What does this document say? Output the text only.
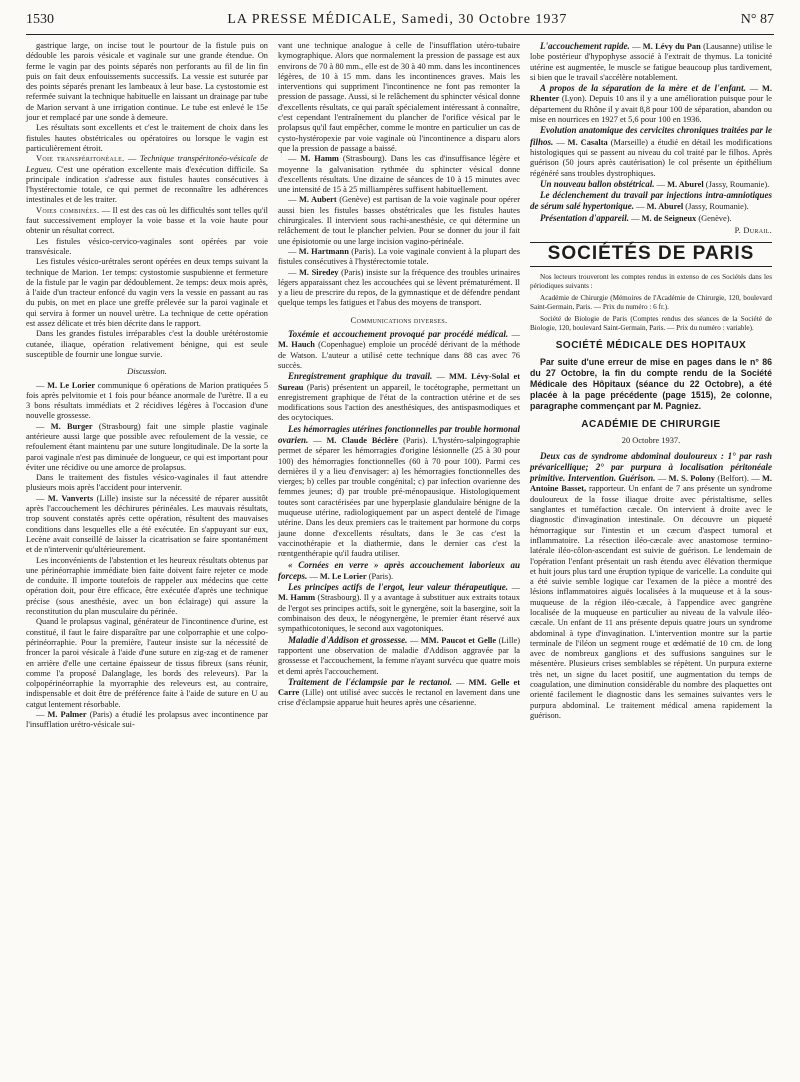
1530	LA PRESSE MÉDICALE, Samedi, 30 Octobre 1937	N° 87

gastrique large, on incise tout le pourtour de la fistule puis on dédouble les parois vésicale et vaginale sur une grande étendue. On ferme le vagin par des points séparés non perforants au fil de lin fin puis on fait deux enfouissements successifs. La vessie est suturée par des points séparés prenant les lambeaux à leur base. La cystostomie est refermée suivant la technique habituelle en laissant un drainage par tube de Marion servant à une irrigation continue. Le tube est enlevé le 15e jour et remplacé par une sonde à demeure.

Les résultats sont excellents et c'est le traitement de choix dans les fistules hautes obstétricales ou opératoires ou lorsque le vagin est particulièrement étroit.

Voie transpéritonéale. — Technique transpéritonéo-vésicale de Legueu. C'est une opération excellente mais d'exécution difficile. Sa principale indication s'adresse aux fistules hautes consécutives à l'hystérectomie totale, ce qui permet de reconnaître les adhérences intestinales et de les traiter.

Voies combinées. — Il est des cas où les difficultés sont telles qu'il faut successivement employer la voie basse et la voie haute pour obtenir un résultat correct.

Les fistules vésico-cervico-vaginales sont opérées par voie transvésicale.

Les fistules vésico-urétrales seront opérées en deux temps suivant la technique de Marion. 1er temps: cystostomie suspubienne et fermeture de la fistule par le vagin par dédoublement. 2e temps: deux mois après, à l'aide d'un tracteur enfoncé du vagin vers la vessie en passant au ras du pubis, on met en place une greffe prélevée sur la paroi vaginale et qui servira à former un nouvel urètre. La technique de cette opération est assez délicate et très bien décrite dans le rapport.

Dans les grandes fistules irréparables c'est la double urétérostomie cutanée, iliaque, opération relativement bénigne, qui est seule susceptible de fournir une longue survie.

Discussion.

— M. Le Lorier communique 6 opérations de Marion pratiquées 5 fois après pelvitomie et 1 fois pour béance anormale de l'urètre. Il a eu 3 bons résultats immédiats et 2 récidives légères à l'occasion d'une nouvelle grossesse.

— M. Burger (Strasbourg) fait une simple plastie vaginale antérieure aussi large que possible avec refoulement de la vessie, ce refoulement étant maintenu par une suture longitudinale. De la sorte la paroi vaginale n'est pas diminuée de longueur, ce qui est important pour éviter une récidive ou une amorce de prolapsus.

Dans le traitement des fistules vésico-vaginales il faut attendre plusieurs mois après l'accident pour intervenir.

— M. Vanverts (Lille) insiste sur la nécessité de réparer aussitôt après l'accouchement les déchirures périnéales. Les mauvais résultats, trop souvent constatés après cette opération, résultent des mauvaises conditions dans lesquelles elle a été exécutée. En s'appuyant sur eux, Lecène avait conseillé de laisser la cicatrisation se faire spontanément et de n'intervenir qu'ultérieurement.

Les inconvénients de l'abstention et les heureux résultats obtenus par une périnéorraphie immédiate bien faite doivent faire rejeter ce mode de conduite. Il importe toutefois de rappeler aux médecins que cette opération doit, pour être efficace, être exécutée d'après une technique précise (sous anesthésie, avec un bon éclairage) qui assure la reconstitution du plan musculaire du périnée.

Quand le prolapsus vaginal, générateur de l'incontinence d'urine, est constitué, il faut le faire disparaître par une colporraphie et une colpo-périnéorraphie. Pour la première, l'auteur insiste sur la nécessité de froncer la paroi vésicale à l'aide d'une suture en zig-zag et de ramener en arrière d'elle une certaine épaisseur de tissus fibreux (sans réunir, comme l'a proposé Dalanglage, les bords des releveurs). Par la colpopérinéorraphie la myorraphie des releveurs est, au contraire, indispensable et doit être de préférence faite à l'aide de suture en U au catgut lentement résorbable.

— M. Palmer (Paris) a étudié les prolapsus avec incontinence par l'insufflation urétro-vésicale sui-

vant une technique analogue à celle de l'insufflation utéro-tubaire kymographique. Alors que normalement la pression de passage est aux environs de 70 à 80 mm., elle est de 30 à 40 mm. dans les incontinences légères, de 10 à 15 mm. dans les incontinences graves. Mais les interventions qui suppriment l'incontinence ne font pas remonter la pression de passage. Aussi, si le relâchement du sphincter vésical donne d'excellents résultats, ce qui paraît spécialement intéressant à connaître, c'est cependant l'entraînement du plancher de l'orifice vésical par le prolapsus qu'il faut empêcher, comme le montre en particulier un cas de cysto-hystéropexie par voie vaginale où l'incontinence a disparu alors que la pression de passage a baissé.

— M. Hamm (Strasbourg). Dans les cas d'insuffisance légère et moyenne la galvanisation rythmée du sphincter vésical donne d'excellents résultats. Une dizaine de séances de 10 à 15 minutes avec une intensité de 15 à 25 milliampères suffisent habituellement.

— M. Aubert (Genève) est partisan de la voie vaginale pour opérer aussi bien les fistules basses obstétricales que les fistules hautes chirurgicales. Il intervient sous rachi-anesthésie, ce qui détermine un relâchement de tout le plancher pelvien. Pour se donner du jour il fait une épisiotomie ou une large incision vagino-périnéale.

— M. Hartmann (Paris). La voie vaginale convient à la plupart des fistules consécutives à l'hystérectomie totale.

— M. Siredey (Paris) insiste sur la fréquence des troubles urinaires légers apparaissant chez les accouchées qui se lèvent prématurément. Il y a lieu de prescrire du repos, de la gymnastique et de défendre pendant quelque temps les fatigues et l'abus des moyens de transport.

Communications diverses.

Toxémie et accouchement provoqué par procédé médical. — M. Hauch (Copenhague) emploie un procédé dérivant de la méthode de Watson. L'auteur a utilisé cette technique dans 88 cas avec 76 succès.

Enregistrement graphique du travail. — MM. Lévy-Solal et Sureau (Paris) présentent un appareil, le tocétographe, permettant un enregistrement graphique de l'état de la contraction utérine et de ses modifications sous l'action des anesthésiques, des antispasmodiques et des ocytociques.

Les hémorragies utérines fonctionnelles par trouble hormonal ovarien. — M. Claude Béclère (Paris). L'hystéro-salpingographie permet de séparer les hémorragies d'origine lésionnelle (25 à 30 pour 100) des hémorragies fonctionnelles (60 à 70 pour 100). Parmi ces dernières il y a lieu d'envisager: a) les hémorragies fonctionnelles des vierges; b) celles par trouble congénital; c) par infection ovarienne des femmes jeunes; d) par trouble pré-ménopausique. Histologiquement toutes sont caractérisées par une hyperplasie glandulaire bénigne de la muqueuse utérine, radiologiquement par un aspect dentelé de l'image utérine. Dans les deux premiers cas le traitement par hormone du corps jaune donne d'excellents résultats, dans le 3e cas c'est la vaccinothérapie et la diathermie, dans le dernier cas c'est la rœntgenthérapie qu'il faudra utiliser.

« Cornées en verre » après accouchement laborieux au forceps. — M. Le Lorier (Paris).

Les principes actifs de l'ergot, leur valeur thérapeutique. — M. Hamm (Strasbourg). Il y a avantage à substituer aux extraits totaux de l'ergot ses principes actifs, soit le gynergène, soit la basergine, soit la combinaison des deux, le néogynergène, le premier étant réservé aux sympathicotoniques, le second aux vagotoniques.

Maladie d'Addison et grossesse. — MM. Paucot et Gelle (Lille) rapportent une observation de maladie d'Addison aggravée par la grossesse et l'accouchement, la femme n'ayant survécu que quatre mois et demi après l'accouchement.

Traitement de l'éclampsie par le rectanol. — MM. Gelle et Carre (Lille) ont utilisé avec succès le rectanol en lavement dans une crise d'éclampsie apparue huit heures après une césarienne.

L'accouchement rapide. — M. Lévy du Pan (Lausanne) utilise le lobe postérieur d'hypophyse associé à l'extrait de thymus. La tonicité utérine est augmentée, le muscle se fatigue beaucoup plus tardivement, si bien que le travail s'accélère notablement.

A propos de la séparation de la mère et de l'enfant. — M. Rhenter (Lyon). Depuis 10 ans il y a une amélioration puisque pour le département du Rhône il y avait 8,8 pour 100 de séparation, abandon ou mise en nourrices en 1927 et 5,6 pour 100 en 1936.

Evolution anatomique des cervicites chroniques traitées par le filhos. — M. Casalta (Marseille) a étudié en détail les modifications histologiques qui se passent au niveau du col traité par le filhos. Après guérison (50 jours après cautérisation) le col présente un épithélium régénéré sans troubles dystrophiques.

Un nouveau ballon obstétrical. — M. Aburel (Jassy, Roumanie).

Le déclenchement du travail par injections intra-amniotiques de sérum salé hypertonique. — M. Aburel (Jassy, Roumanie).

Présentation d'appareil. — M. de Seigneux (Genève).

P. Durail.
SOCIÉTÉS DE PARIS

Nos lecteurs trouveront les comptes rendus in extenso de ces Sociétés dans les périodiques suivants :

Académie de Chirurgie (Mémoires de l'Académie de Chirurgie, 120, boulevard Saint-Germain, Paris. — Prix du numéro : 6 fr.).

Société de Biologie de Paris (Comptes rendus des séances de la Société de Biologie, 120, boulevard Saint-Germain, Paris. — Prix du numéro : variable).

SOCIÉTÉ MÉDICALE DES HOPITAUX

Par suite d'une erreur de mise en pages dans le n° 86 du 27 Octobre, la fin du compte rendu de la Société Médicale des Hôpitaux (séance du 22 Octobre), a été placée à la page précédente (page 1515), 2e colonne, paragraphe commençant par M. Pagniez.

ACADÉMIE DE CHIRURGIE
20 Octobre 1937.

Deux cas de syndrome abdominal douloureux : 1° par rash prévaricellique; 2° par purpura à localisation péritonéale primitive. Intervention. Guérison. — M. S. Polony (Belfort). — M. Antoine Basset, rapporteur. Un enfant de 7 ans présente un syndrome douloureux de la fosse iliaque droite avec péristaltisme, selles sanglantes et tuméfaction cæcale. On intervient à droite avec le diagnostic d'invagination intestinale. On découvre un piqueté hémorragique sur l'intestin et un cæcum d'aspect tumoral et inflammatoire. La résection iléo-cæcale avec anastomose termino-latérale iléo-côlon-ascendant est suivie de guérison. Le lendemain de l'opération l'enfant présentait un rash étendu avec élévation thermique et huit jours plus tard une éruption typique de varicelle. La conduite qui a été suivie semble logique car l'examen de la pièce a montré des lésions inflammatoires aiguës localisées à la muqueuse et à la sous-muqueuse de la région iléo-cæcale, à l'appendice avec gangrène localisée de la muqueuse en particulier au niveau de la valvule iléo-cæcale. Un enfant de 11 ans présente depuis quatre jours un syndrome abdominal à type d'invagination. L'intervention montre sur la partie terminale de l'iléon un segment rouge et œdématié de 10 cm. de long avec de nombreux ganglions et des suffusions sanguines sur le mésentère. Plusieurs crises semblables se répètent. Un purpura externe très net, un signe du lacet positif, une augmentation du temps de coagulation, une diminution considérable du nombre des plaquettes ont orienté facilement le diagnostic dans les semaines suivantes vers le purpura abdominal. Le traitement médical amena rapidement la guérison.
